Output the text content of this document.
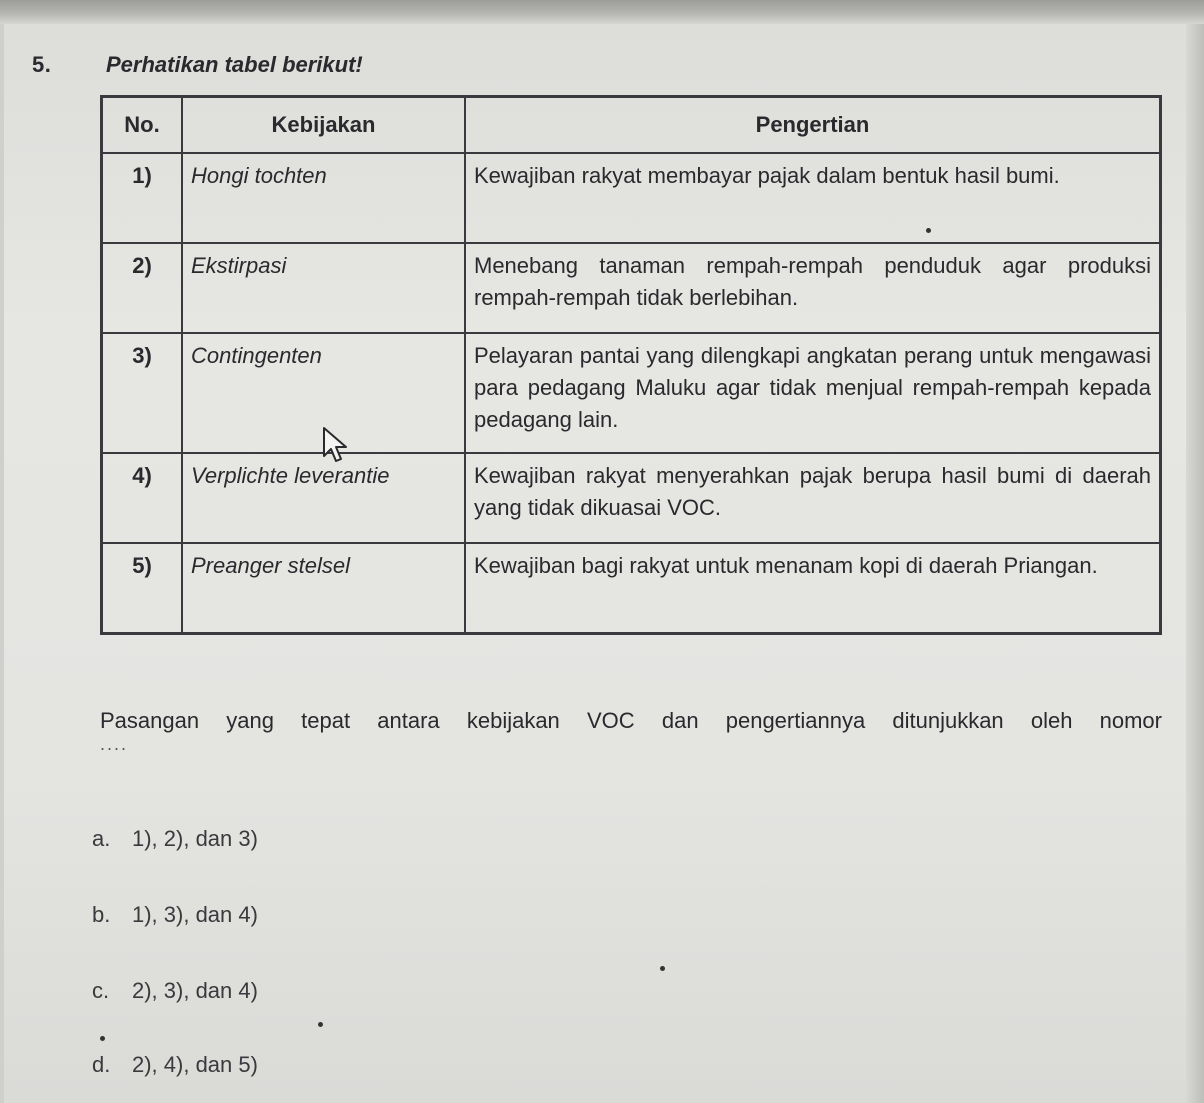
5. Perhatikan tabel berikut!
No.	Kebijakan	Pengertian
1)	Hongi tochten	Kewajiban rakyat membayar pajak dalam bentuk hasil bumi.
2)	Ekstirpasi	Menebang tanaman rempah-rempah penduduk agar produksi rempah-rempah tidak berlebihan.
3)	Contingenten	Pelayaran pantai yang dilengkapi angkatan perang untuk mengawasi para pedagang Maluku agar tidak menjual rempah-rempah kepada pedagang lain.
4)	Verplichte leverantie	Kewajiban rakyat menyerahkan pajak berupa hasil bumi di daerah yang tidak dikuasai VOC.
5)	Preanger stelsel	Kewajiban bagi rakyat untuk menanam kopi di daerah Priangan.
Pasangan yang tepat antara kebijakan VOC dan pengertiannya ditunjukkan oleh nomor
....
a. 1), 2), dan 3)
b. 1), 3), dan 4)
c. 2), 3), dan 4)
d. 2), 4), dan 5)
